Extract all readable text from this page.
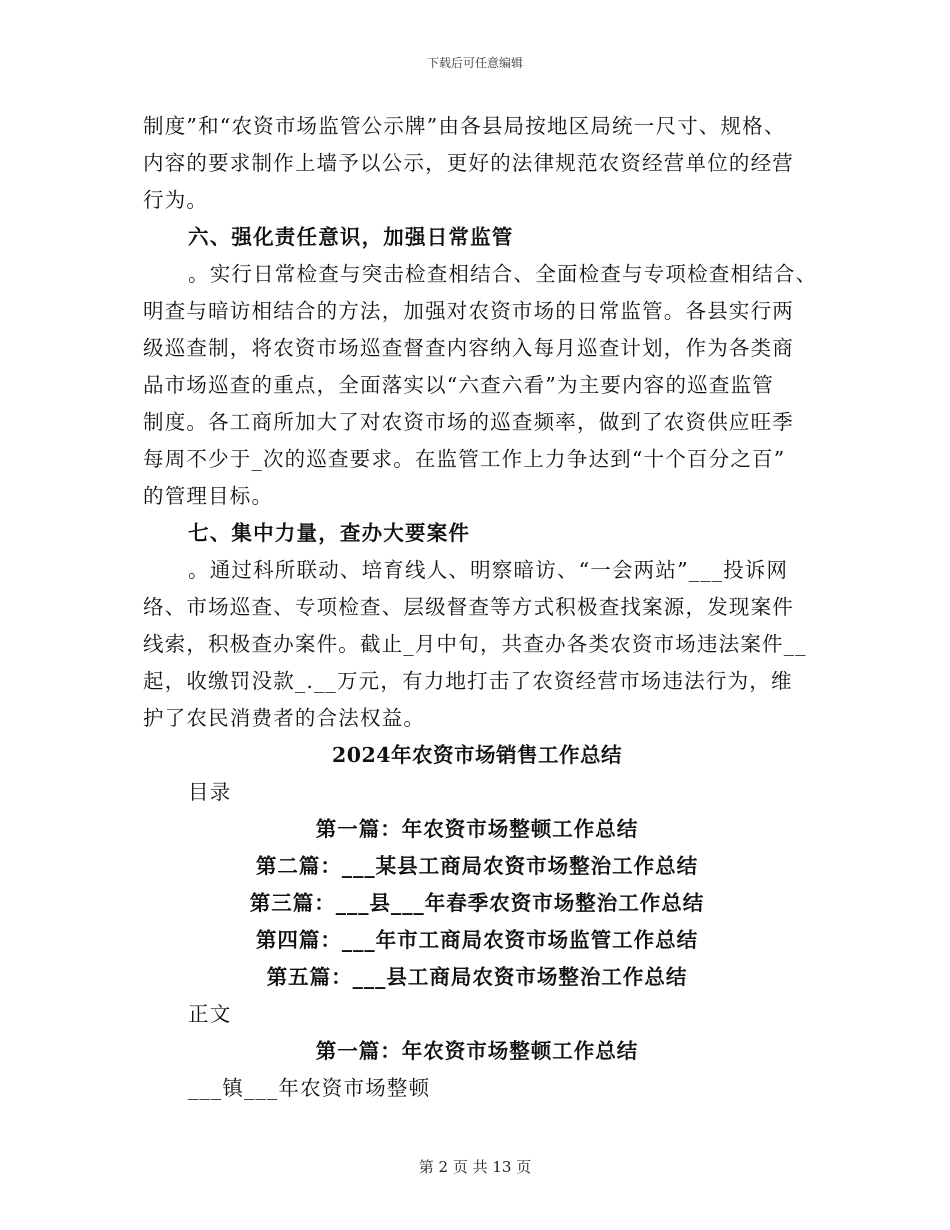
下载后可任意编辑
制度”和“农资市场监管公示牌”由各县局按地区局统一尺寸、规格、
内容的要求制作上墙予以公示，更好的法律规范农资经营单位的经营
行为。
六、强化责任意识，加强日常监管
。实行日常检查与突击检查相结合、全面检查与专项检查相结合、
明查与暗访相结合的方法，加强对农资市场的日常监管。各县实行两
级巡查制，将农资市场巡查督查内容纳入每月巡查计划，作为各类商
品市场巡查的重点，全面落实以“六查六看”为主要内容的巡查监管
制度。各工商所加大了对农资市场的巡查频率，做到了农资供应旺季
每周不少于_次的巡查要求。在监管工作上力争达到“十个百分之百”
的管理目标。
七、集中力量，查办大要案件
。通过科所联动、培育线人、明察暗访、“一会两站”___投诉网
络、市场巡查、专项检查、层级督查等方式积极查找案源，发现案件
线索，积极查办案件。截止_月中旬，共查办各类农资市场违法案件__
起，收缴罚没款_.__万元，有力地打击了农资经营市场违法行为，维
护了农民消费者的合法权益。
2024年农资市场销售工作总结
目录
第一篇：年农资市场整顿工作总结
第二篇：___某县工商局农资市场整治工作总结
第三篇：___县___年春季农资市场整治工作总结
第四篇：___年市工商局农资市场监管工作总结
第五篇：___县工商局农资市场整治工作总结
正文
第一篇：年农资市场整顿工作总结
___镇___年农资市场整顿
第 2 页 共 13 页
